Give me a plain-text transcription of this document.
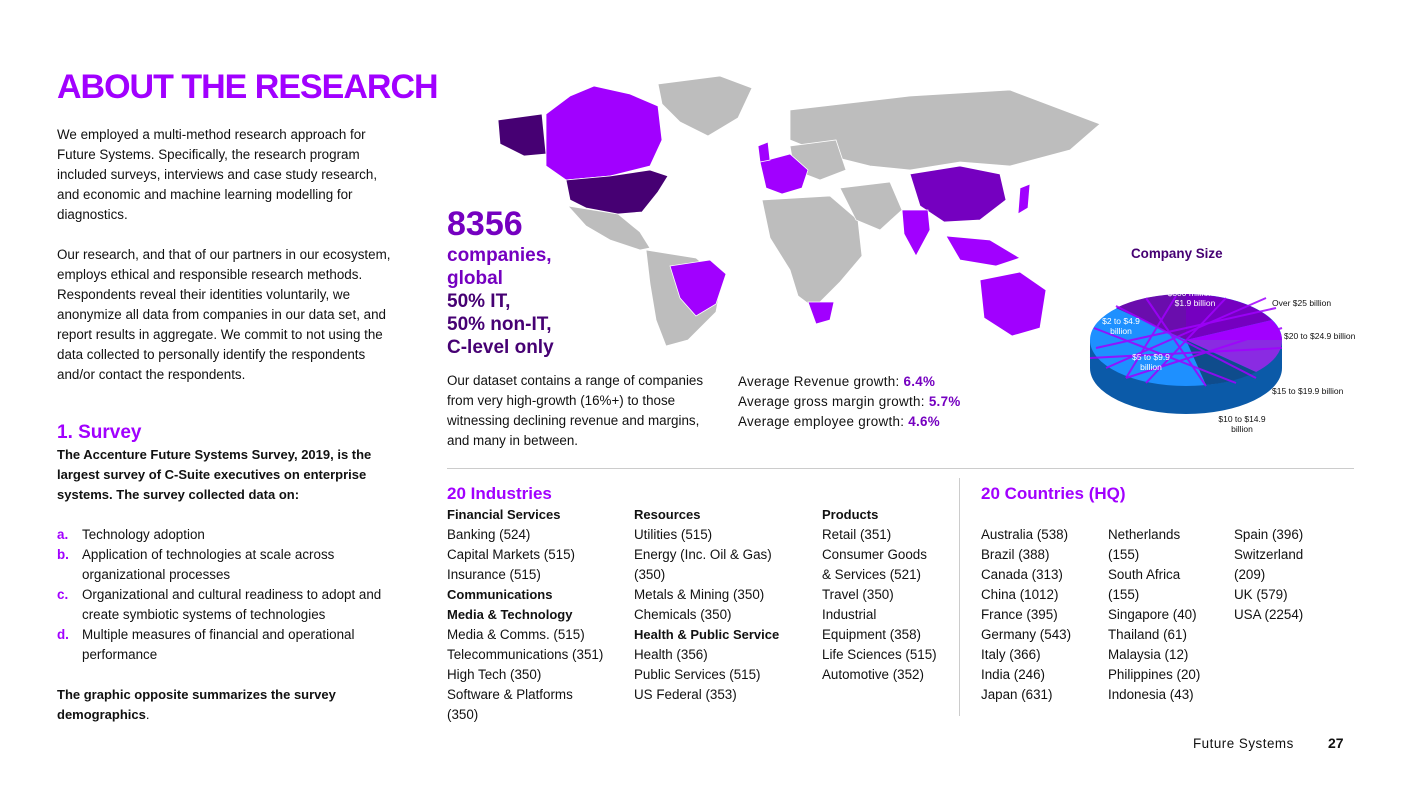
ABOUT THE RESEARCH
We employed a multi-method research approach for Future Systems. Specifically, the research program included surveys, interviews and case study research, and economic and machine learning modelling for diagnostics.
Our research, and that of our partners in our ecosystem, employs ethical and responsible research methods. Respondents reveal their identities voluntarily, we anonymize all data from companies in our data set, and report results in aggregate. We commit to not using the data collected to personally identify the respondents and/or contact the respondents.
1. Survey
The Accenture Future Systems Survey, 2019, is the largest survey of C-Suite executives on enterprise systems. The survey collected data on:
a.	Technology adoption
b. Application of technologies at scale across organizational processes
c.	Organizational and cultural readiness to adopt and create symbiotic systems of technologies
d. Multiple measures of financial and operational performance
The graphic opposite summarizes the survey demographics.
8356
companies,
global
50% IT,
50% non-IT,
C-level only
Our dataset contains a range of companies from very high-growth (16%+) to those witnessing declining revenue and margins, and many in between.
Average Revenue growth: 6.4%
Average gross margin growth: 5.7%
Average employee growth: 4.6%
Company Size
$500 million to $1.9 billion
$2 to $4.9 billion
$5 to $9.9 billion
Over $25 billion
$20 to $24.9 billion
$15 to $19.9 billion
$10 to $14.9 billion
20 Industries
Financial Services
Banking (524)
Capital Markets (515)
Insurance (515)
Communications
Media & Technology
Media & Comms. (515)
Telecommunications (351)
High Tech (350)
Software & Platforms
(350)
Resources
Utilities (515)
Energy (Inc. Oil & Gas)
(350)
Metals & Mining (350)
Chemicals (350)
Health & Public Service
Health (356)
Public Services (515)
US Federal (353)
Products
Retail (351)
Consumer Goods
& Services (521)
Travel (350)
Industrial
Equipment (358)
Life Sciences (515)
Automotive (352)
20 Countries (HQ)
Australia (538)
Brazil (388)
Canada (313)
China (1012)
France (395)
Germany (543)
Italy (366)
India (246)
Japan (631)
Netherlands
(155)
South Africa
(155)
Singapore (40)
Thailand (61)
Malaysia (12)
Philippines (20)
Indonesia (43)
Spain (396)
Switzerland
(209)
UK (579)
USA (2254)
Future Systems 27
